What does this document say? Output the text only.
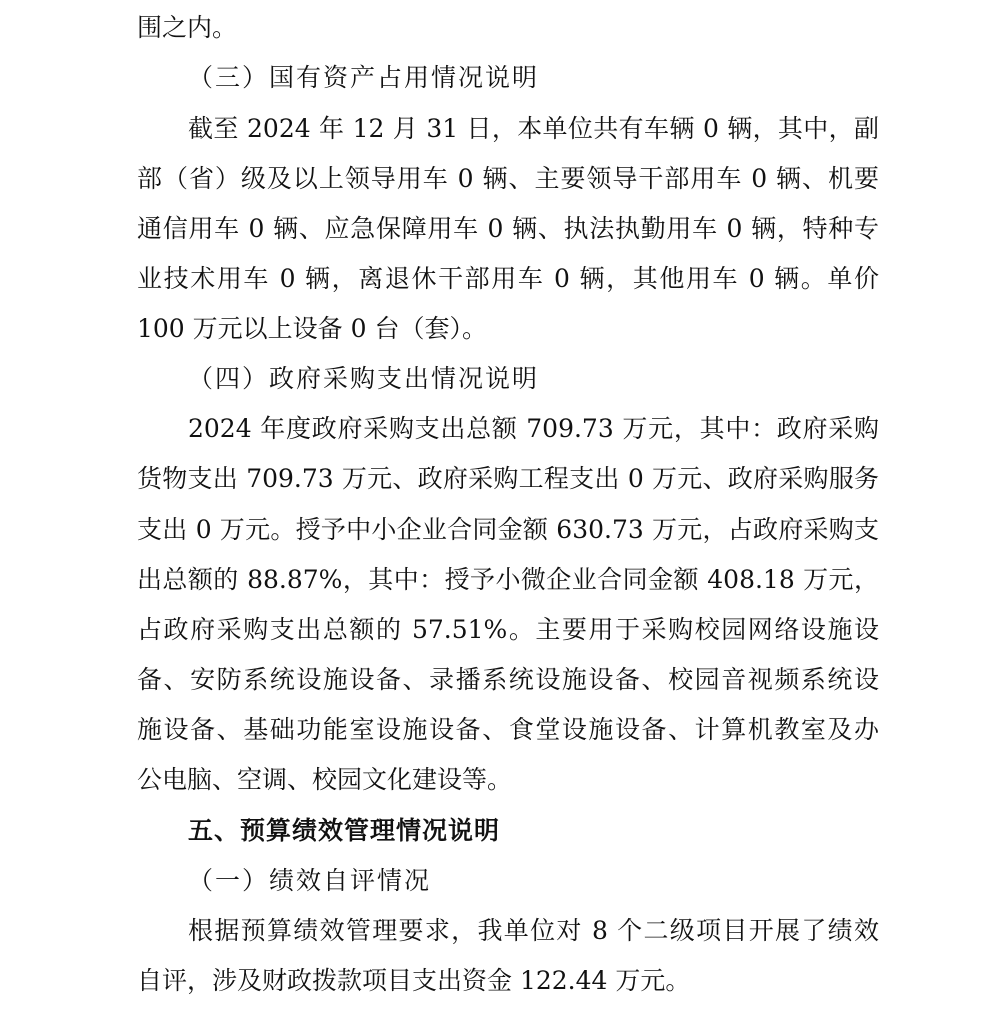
围之内。
（三）国有资产占用情况说明
截至 2024 年 12 月 31 日，本单位共有车辆 0 辆，其中，副
部（省）级及以上领导用车 0 辆、主要领导干部用车 0 辆、机要
通信用车 0 辆、应急保障用车 0 辆、执法执勤用车 0 辆，特种专
业技术用车 0 辆，离退休干部用车 0 辆，其他用车 0 辆。单价
100 万元以上设备 0 台（套）。
（四）政府采购支出情况说明
2024 年度政府采购支出总额 709.73 万元，其中：政府采购
货物支出 709.73 万元、政府采购工程支出 0 万元、政府采购服务
支出 0 万元。授予中小企业合同金额 630.73 万元，占政府采购支
出总额的 88.87%，其中：授予小微企业合同金额 408.18 万元，
占政府采购支出总额的 57.51%。主要用于采购校园网络设施设
备、安防系统设施设备、录播系统设施设备、校园音视频系统设
施设备、基础功能室设施设备、食堂设施设备、计算机教室及办
公电脑、空调、校园文化建设等。
五、预算绩效管理情况说明
（一）绩效自评情况
根据预算绩效管理要求，我单位对 8 个二级项目开展了绩效
自评，涉及财政拨款项目支出资金 122.44 万元。
